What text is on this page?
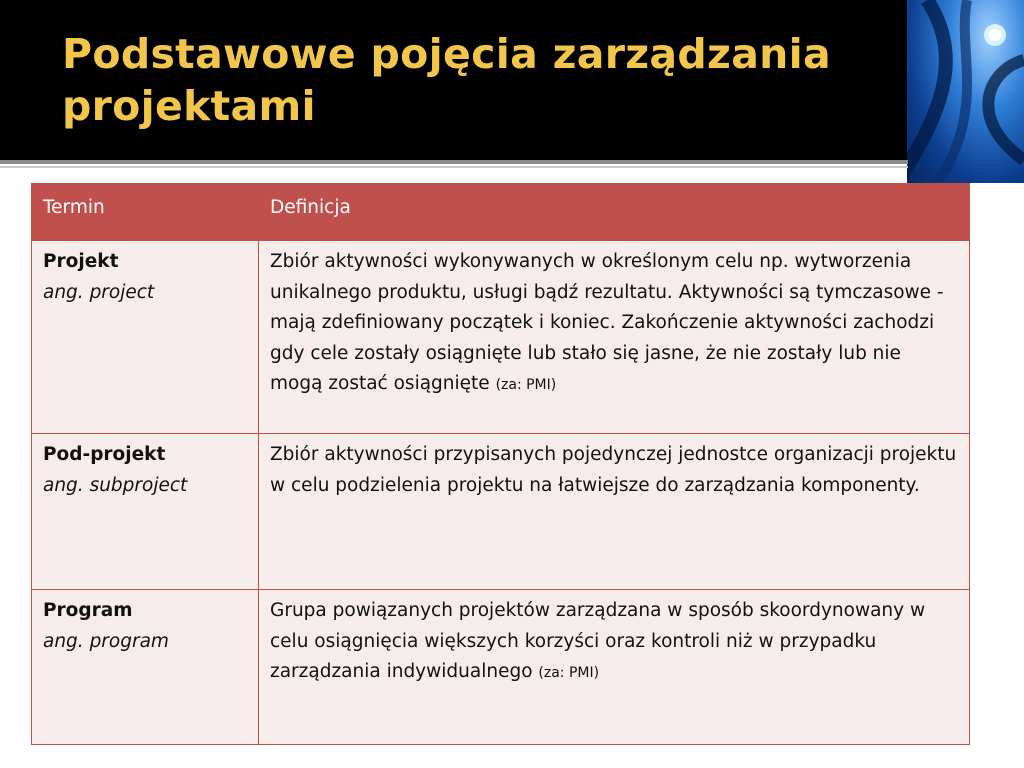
Podstawowe pojęcia zarządzania projektami
Termin	Definicja

Projekt
ang. project	Zbiór aktywności wykonywanych w określonym celu np. wytworzenia unikalnego produktu, usługi bądź rezultatu. Aktywności są tymczasowe - mają zdefiniowany początek i koniec. Zakończenie aktywności zachodzi gdy cele zostały osiągnięte lub stało się jasne, że nie zostały lub nie mogą zostać osiągnięte (za: PMI)

Pod-projekt
ang. subproject	Zbiór aktywności przypisanych pojedynczej jednostce organizacji projektu w celu podzielenia projektu na łatwiejsze do zarządzania komponenty.

Program
ang. program	Grupa powiązanych projektów zarządzana w sposób skoordynowany w celu osiągnięcia większych korzyści oraz kontroli niż w przypadku zarządzania indywidualnego (za: PMI)
